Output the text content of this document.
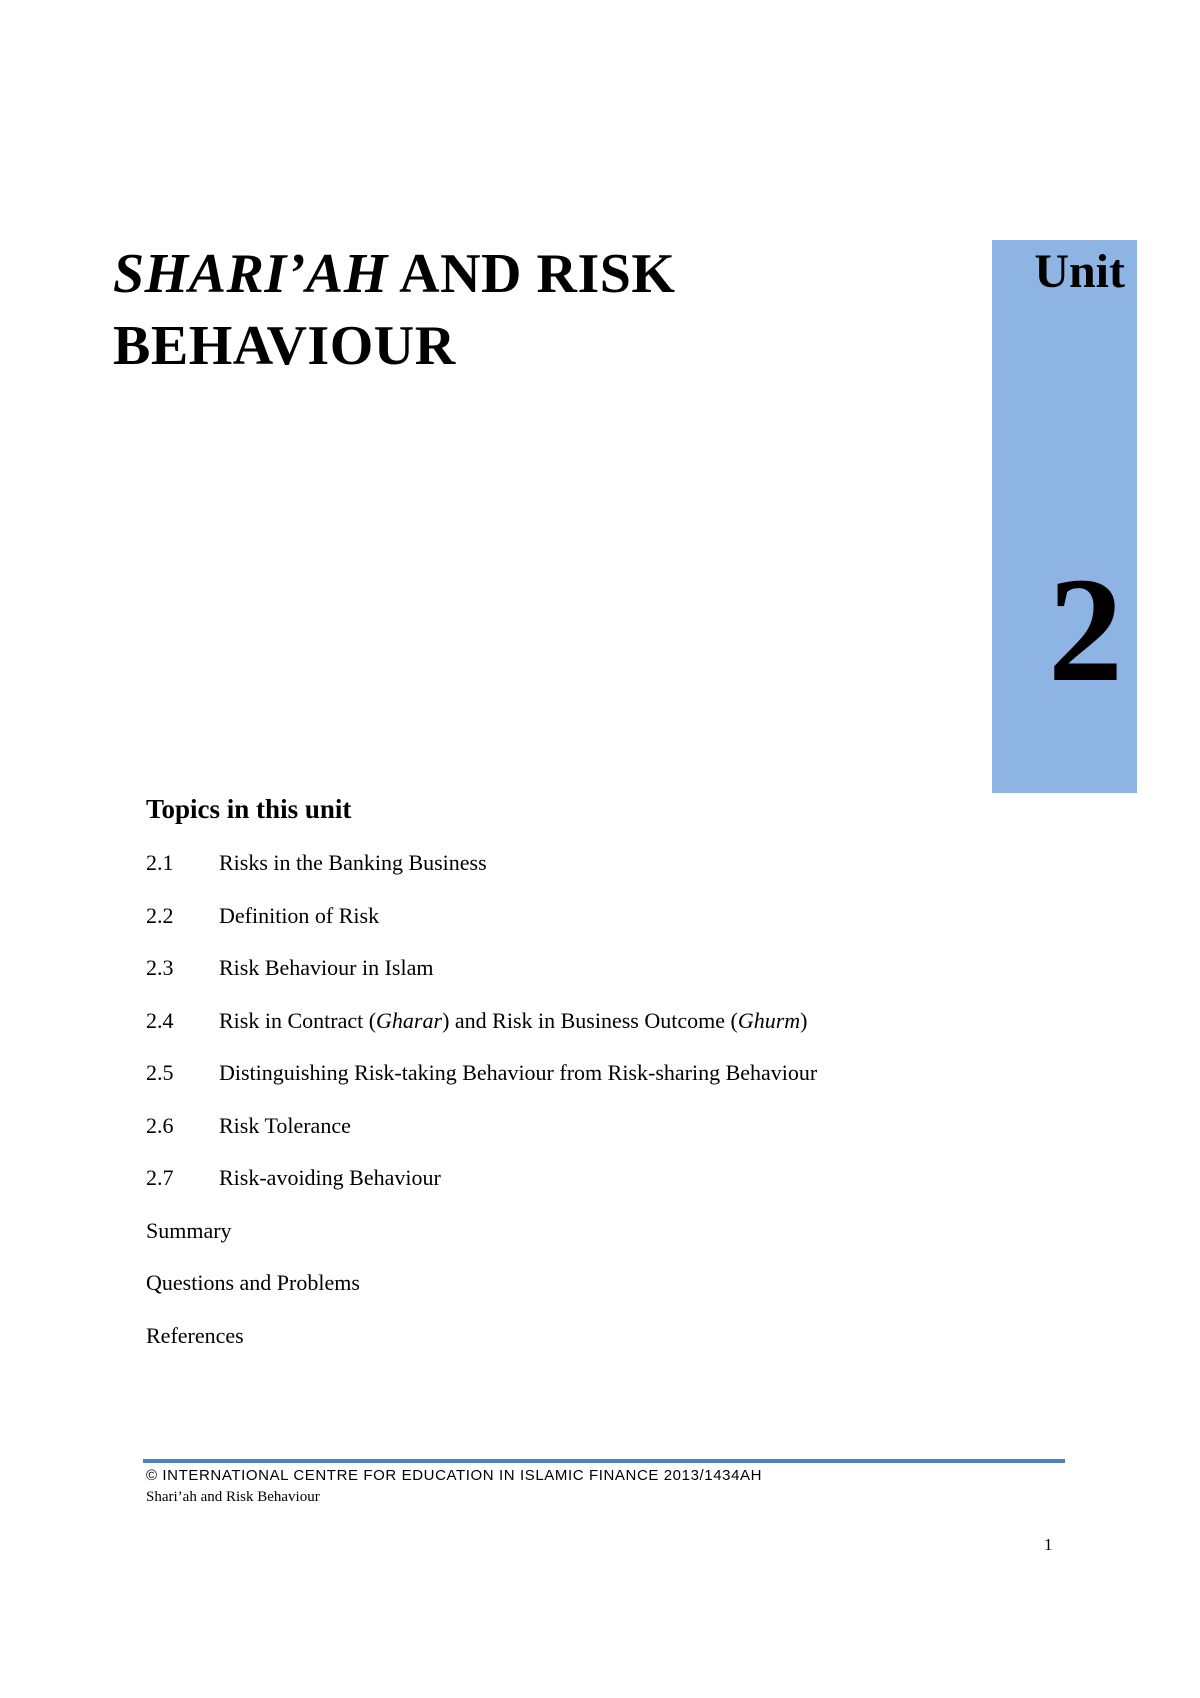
SHARI’AH AND RISK
BEHAVIOUR
Unit
2
Topics in this unit
2.1 Risks in the Banking Business
2.2 Definition of Risk
2.3 Risk Behaviour in Islam
2.4 Risk in Contract (Gharar) and Risk in Business Outcome (Ghurm)
2.5 Distinguishing Risk-taking Behaviour from Risk-sharing Behaviour
2.6 Risk Tolerance
2.7 Risk-avoiding Behaviour
Summary
Questions and Problems
References
© INTERNATIONAL CENTRE FOR EDUCATION IN ISLAMIC FINANCE 2013/1434AH
Shari’ah and Risk Behaviour
1
